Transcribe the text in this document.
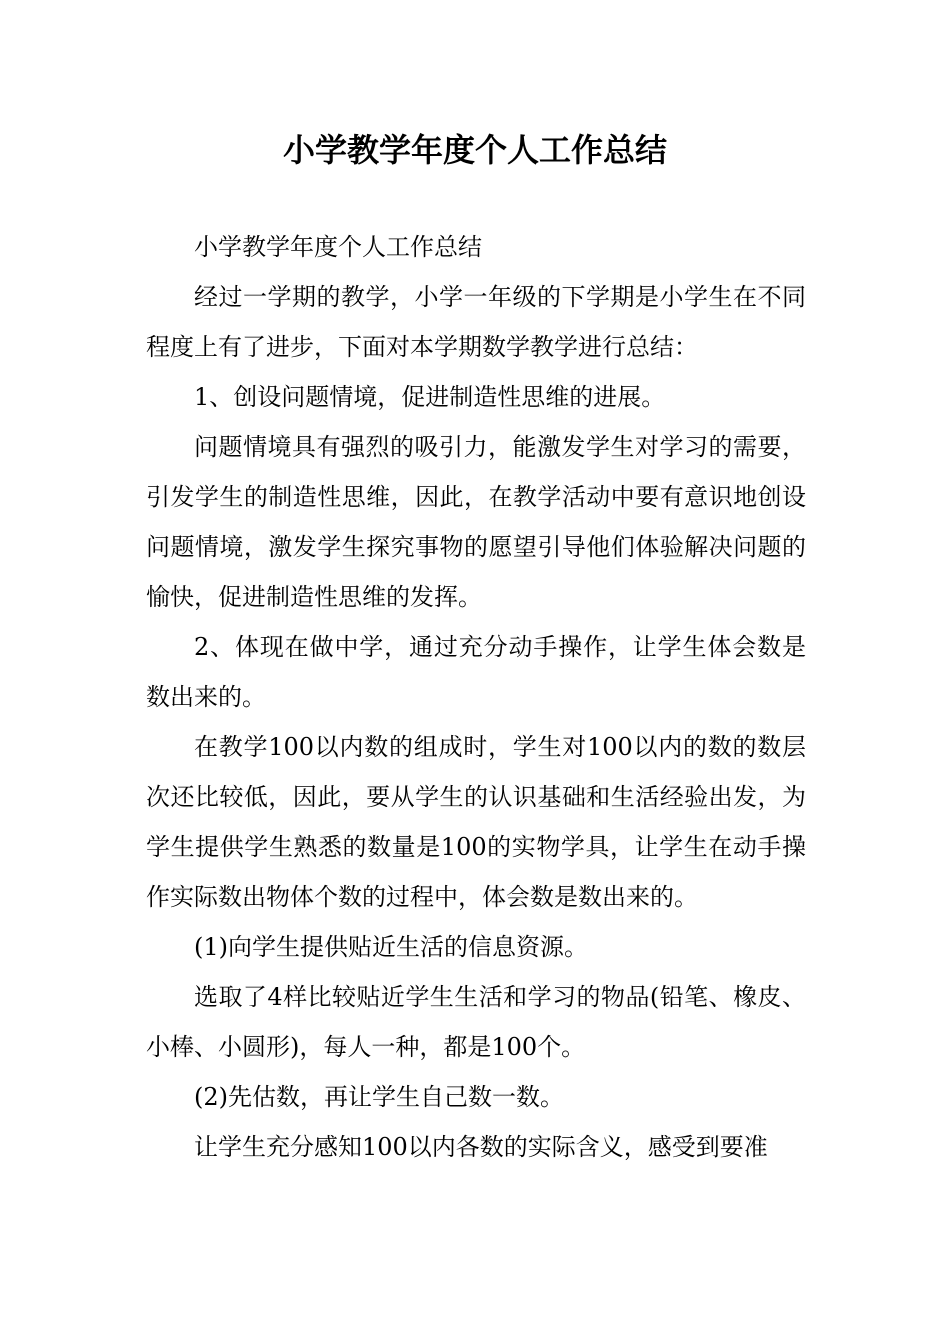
小学教学年度个人工作总结

小学教学年度个人工作总结

经过一学期的教学，小学一年级的下学期是小学生在不同程度上有了进步，下面对本学期数学教学进行总结：

1、创设问题情境，促进制造性思维的进展。

问题情境具有强烈的吸引力，能激发学生对学习的需要，引发学生的制造性思维，因此，在教学活动中要有意识地创设问题情境，激发学生探究事物的愿望引导他们体验解决问题的愉快，促进制造性思维的发挥。

2、体现在做中学，通过充分动手操作，让学生体会数是数出来的。

在教学100以内数的组成时，学生对100以内的数的数层次还比较低，因此，要从学生的认识基础和生活经验出发，为学生提供学生熟悉的数量是100的实物学具，让学生在动手操作实际数出物体个数的过程中，体会数是数出来的。

(1)向学生提供贴近生活的信息资源。

选取了4样比较贴近学生生活和学习的物品(铅笔、橡皮、小棒、小圆形)，每人一种，都是100个。

(2)先估数，再让学生自己数一数。

让学生充分感知100以内各数的实际含义，感受到要准
